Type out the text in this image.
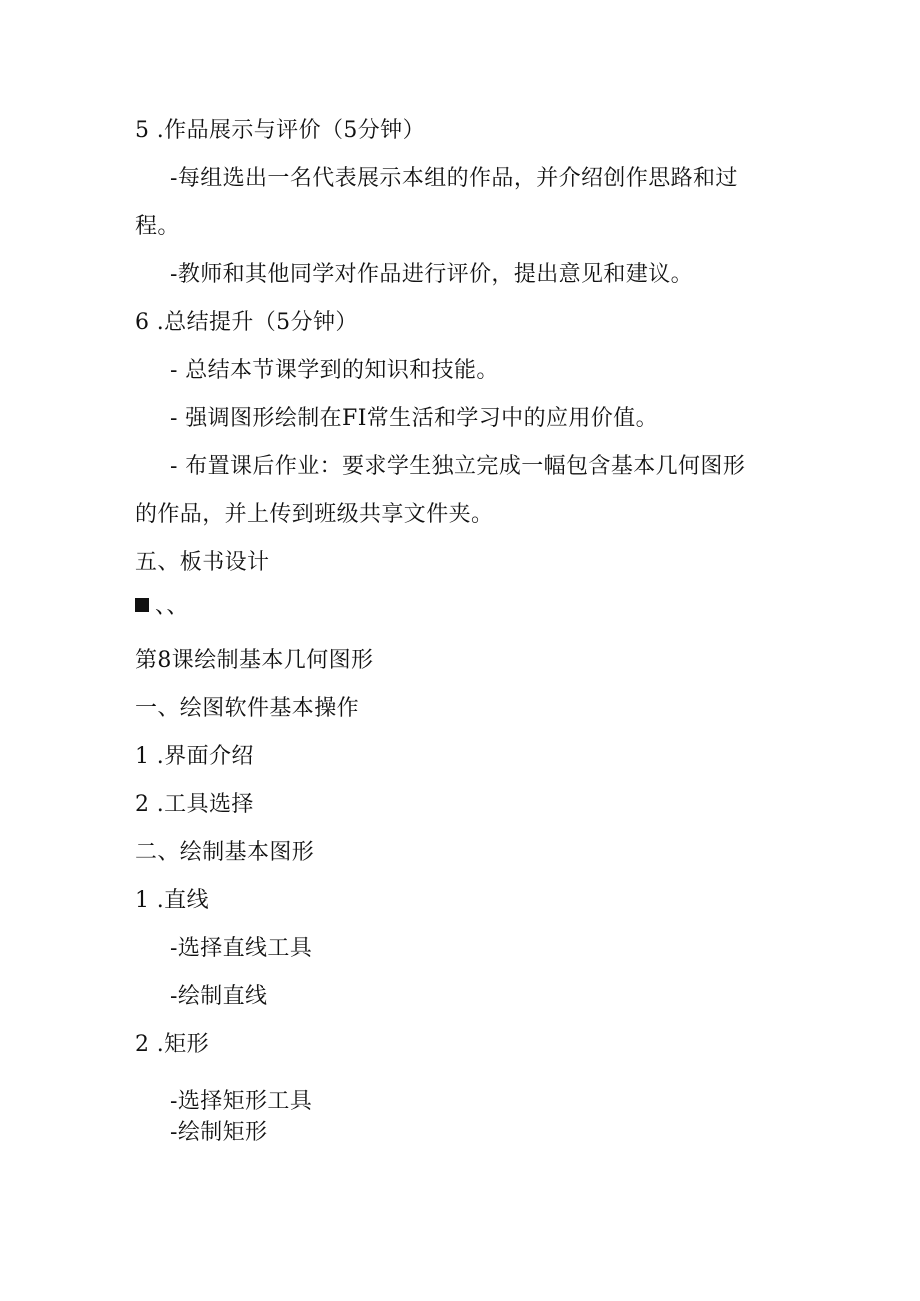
5 .作品展示与评价（5分钟）
-每组选出一名代表展示本组的作品，并介绍创作思路和过
程。
-教师和其他同学对作品进行评价，提出意见和建议。
6 .总结提升（5分钟）
- 总结本节课学到的知识和技能。
- 强调图形绘制在FI常生活和学习中的应用价值。
- 布置课后作业：要求学生独立完成一幅包含基本几何图形
的作品，并上传到班级共享文件夹。
五、板书设计
、、
第8课绘制基本几何图形
一、绘图软件基本操作
1 .界面介绍
2 .工具选择
二、绘制基本图形
1 .直线
-选择直线工具
-绘制直线
2 .矩形
-选择矩形工具
-绘制矩形
